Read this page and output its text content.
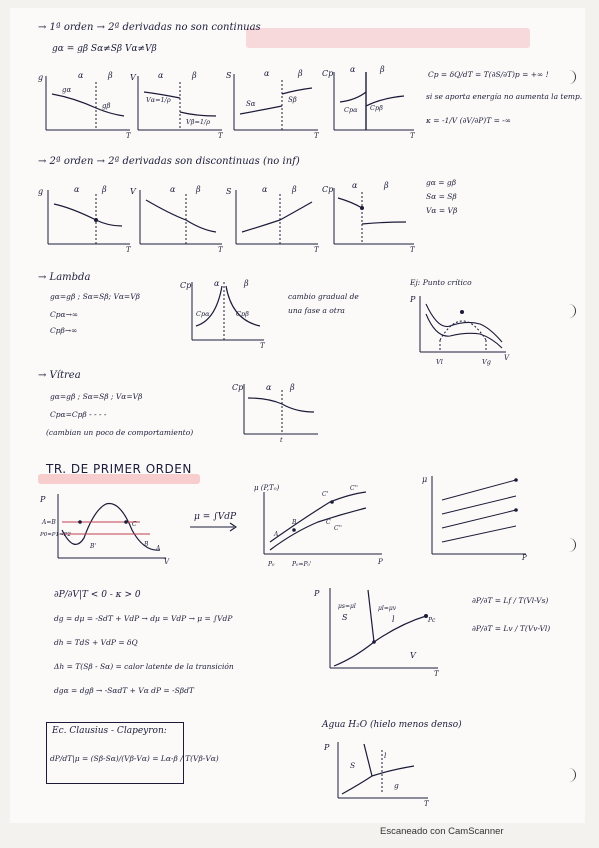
→ 1ª orden → 2ª derivadas no son continuas
gα = gβ Sα≠Sβ Vα≠Vβ
g	α	β
gα
gβ
T
V	α	β
Vα=1/ρ
Vβ=1/ρ
T
S	α	β
Sα	Sβ
T
Cp α	β
Cpα Cpβ
T
Cp = δQ/dT = T(∂S/∂T)p = +∞ !
si se aporta energía no aumenta la temp.
κ = -1/V (∂V/∂P)T = -∞
→ 2ª orden → 2ª derivadas son discontinuas (no inf)
g	α	β
T
V	α	β
T
S	α	β
T
Cp α	β
T
gα = gβ
Sα = Sβ
Vα = Vβ
→ Lambda
gα=gβ ; Sα=Sβ; Vα=Vβ
Cpα→∞
Cpβ→∞
Cp	α	β
Cpα	Cpβ
T
cambio gradual de
una fase a otra
Ej: Punto crítico
P
Vl	Vg V
→ Vítrea
gα=gβ ; Sα=Sβ ; Vα=Vβ
Cpα=Cpβ - - - -
(cambian un poco de comportamiento)
Cp	α β
t
TR. DE PRIMER ORDEN
P
A=B
P0=P1=P2
B'
C
B
A
V
μ = ∫VdP
μ (P,T₀)
A
B
C'
C''
C
C''
P₀	P₀=P₀'	P
μ
P
∂P/∂V|T < 0 - κ > 0
dg = dμ = -SdT + VdP → dμ = VdP → μ = ∫VdP
dh = TdS + VdP = δQ
Δh = T(Sβ - Sα) = calor latente de la transición
dgα = dgβ → -SαdT + Vα dP = -SβdT
Ec. Clausius - Clapeyron:
dP/dT|μ = (Sβ-Sα)/(Vβ-Vα) = Lα-β / T(Vβ-Vα)
P
S	l
V
μs=μl	μl=μv
Pc
T
∂P/∂T = Lf / T(Vl-Vs)
∂P/∂T = Lv / T(Vv-Vl)
Agua H₂O (hielo menos denso)
P
S
l
g
T
Escaneado con CamScanner
